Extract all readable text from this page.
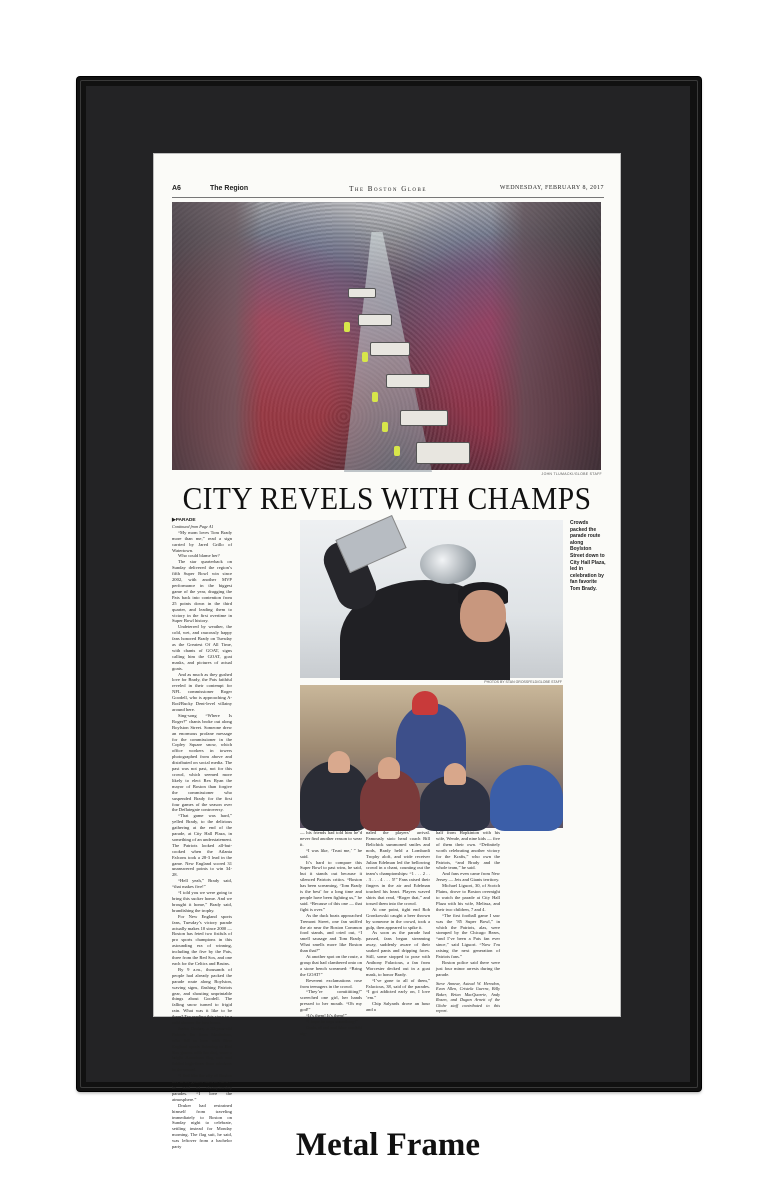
A6	The Region	The Boston Globe	WEDNESDAY, FEBRUARY 8, 2017
JOHN TLUMACKI/GLOBE STAFF
CITY REVELS WITH CHAMPS
▶PARADE
Continued from Page A1

“My mom loves Tom Brady more than me,” read a sign carried by Jared Grillo of Watertown.

Who could blame her?

The star quarterback on Sunday delivered the region’s fifth Super Bowl win since 2002, with another MVP performance in the biggest game of the year, dragging the Pats back into contention from 25 points down in the third quarter, and leading them to victory in the first overtime in Super Bowl history.

Undeterred by weather, the cold, wet, and raucously happy fans honored Brady on Tuesday as the Greatest Of All Time, with chants of GOAT, signs calling him the GOAT, goat masks, and pictures of actual goats.

And as much as they gushed love for Brady, the Pats faithful reveled in their contempt for NFL commissioner Roger Goodell, who is approaching A-Rod/Bucky Dent-level villainy around here.

Sing-song “Where Is Roger?” chants broke out along Boylston Street. Someone drew an enormous profane message for the commissioner in the Copley Square snow, which office workers in towers photographed from above and distributed on social media. The past was not past, not for this crowd, which seemed more likely to elect Rex Ryan the mayor of Boston than forgive the commissioner who suspended Brady for the first four games of the season over the Deflategate controversy.

“That game was hard,” yelled Brady, to the delirious gathering at the end of the parade, at City Hall Plaza, in something of an understatement. The Patriots looked all-but-cooked when the Atlanta Falcons took a 28-3 lead in the game. New England scored 31 unanswered points to win 34-28.

“Hell yeah,” Brady said, “that makes five!”

“I told you we were going to bring this sucker home. And we brought it home,” Brady said, brandishing the trophy.

For New England sports fans, Tuesday’s victory parade actually makes 10 since 2000 — Boston has feted two fistfuls of pro sports champions in this astounding era of winning, including the five by the Pats, three from the Red Sox, and one each for the Celtics and Bruins.

By 9 a.m., thousands of people had already packed the parade route along Boylston, waving signs, flashing Patriots gear, and shouting unprintable things about Goodell. The falling snow turned to frigid rain. What was it like to be there? Try reading this story in a cold shower for two hours.

Justin Druker, a 33-year-old Patriots fan from Manhattan, who fell in love with New England sports listening to Red Sox games with his dad, wore a bright American flag suit and folded high-fives from admirers in the crowd.

“I feel like the city of Boston has never gotten used to these,” he said of championship parades. “I love the atmosphere.”

Druker had restrained himself from traveling immediately to Boston on Sunday night to celebrate, settling instead for Monday morning. The flag suit, he said, was leftover from a bachelor party

PHOTOS BY STAN GROSSFELD/GLOBE STAFF
Crowds packed the parade route along Boylston Street down to City Hall Plaza, led in celebration by fan favorite Tom Brady.

— his friends had told him he’d never find another reason to wear it.

“I was like, ‘Trust me,’ ” he said.

It’s hard to compare this Super Bowl to past wins, he said, but it stands out because it silenced Patriots critics. “Boston has been screaming, ‘Tom Brady is the best’ for a long time and people have been fighting us,” he said. “Because of this one — that fight is over.”

As the duck boats approached Tremont Street, one fan sniffed the air near the Boston Common food stands, and cried out, “I smell sausage and Tom Brady. What smells more like Boston than that?”

At another spot on the route, a group that had clambered onto on a stone bench screamed: “Bring the GOAT!”

Reverent exclamations rose from teenagers in the crowd.

“They’re comiiiiiiing!” screeched one girl, her hands pressed to her mouth. “Oh my god!”

“It’s them! It’s them!”

“I hope he says something!”

Gusts of red and blue confetti sig-

naled the players’ arrival. Famously stoic head coach Bill Belichick summoned smiles and nods, Brady held a Lombardi Trophy aloft, and wide receiver Julian Edelman led the bellowing crowd in a chant, counting out the team’s championships: “1 . . . 2 . . . 3 . . . 4 . . . 5!” Fans raised their fingers in the air and Edelman touched his heart. Players waved shirts that read, “Roger that,” and tossed them into the crowd.

At one point, tight end Rob Gronkowski caught a beer thrown by someone in the crowd, took a gulp, then appeared to spike it.

As soon as the parade had passed, fans began streaming away, suddenly aware of their soaked pants and dripping faces. Still, some stopped to pose with Anthony Falacious, a fan from Worcester decked out in a goat mask, to honor Brady.

“I’ve gone to all of them,” Falacious, 38, said of the parades. “I got addicted early on, I love ’em.”

Chip Salyards drove an hour and a

half from Hopkinton with his wife, Wende, and nine kids — five of them their own. “Definitely worth celebrating another victory for the Krafts,” who own the Patriots, “and Brady and the whole team,” he said.

And fans even came from New Jersey — Jets and Giants territory.

Michael Liguori, 30, of Scotch Plains, drove to Boston overnight to watch the parade at City Hall Plaza with his wife, Melissa, and their two children, 7 and 4.

“The first football game I saw was the ’85 Super Bowl,” in which the Patriots, alas, were stomped by the Chicago Bears, “and I’ve been a Pats fan ever since,” said Liguori. “Now I’m raising the next generation of Patriots fans.”

Boston police said there were just four minor arrests during the parade.

Steve Annear, Astead W. Herndon, Evan Allen, Cristela Guerra, Billy Baker, Brian MacQuarrie, Andy Rosen, and Dugan Arnett of the Globe staff contributed to this report.

Metal Frame
